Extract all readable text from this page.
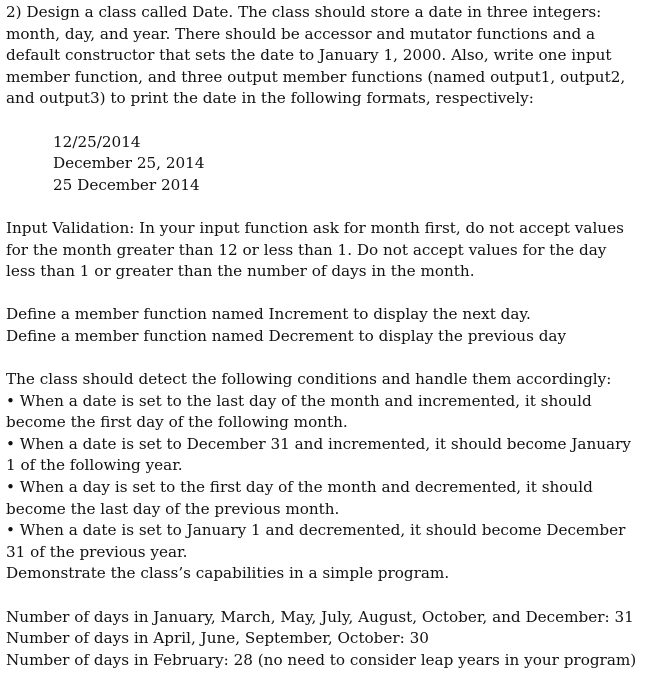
2) Design a class called Date. The class should store a date in three integers: month, day, and year. There should be accessor and mutator functions and a default constructor that sets the date to January 1, 2000. Also, write one input member function, and three output member functions (named output1, output2, and output3) to print the date in the following formats, respectively:

12/25/2014
December 25, 2014
25 December 2014

Input Validation: In your input function ask for month first, do not accept values for the month greater than 12 or less than 1. Do not accept values for the day less than 1 or greater than the number of days in the month.

Define a member function named Increment to display the next day.
Define a member function named Decrement to display the previous day
The class should detect the following conditions and handle them accordingly:
• When a date is set to the last day of the month and incremented, it should become the first day of the following month.
• When a date is set to December 31 and incremented, it should become January 1 of the following year.
• When a day is set to the first day of the month and decremented, it should become the last day of the previous month.
• When a date is set to January 1 and decremented, it should become December 31 of the previous year.
Demonstrate the class’s capabilities in a simple program.
Number of days in January, March, May, July, August, October, and December: 31
Number of days in April, June, September, October: 30
Number of days in February: 28 (no need to consider leap years in your program)
